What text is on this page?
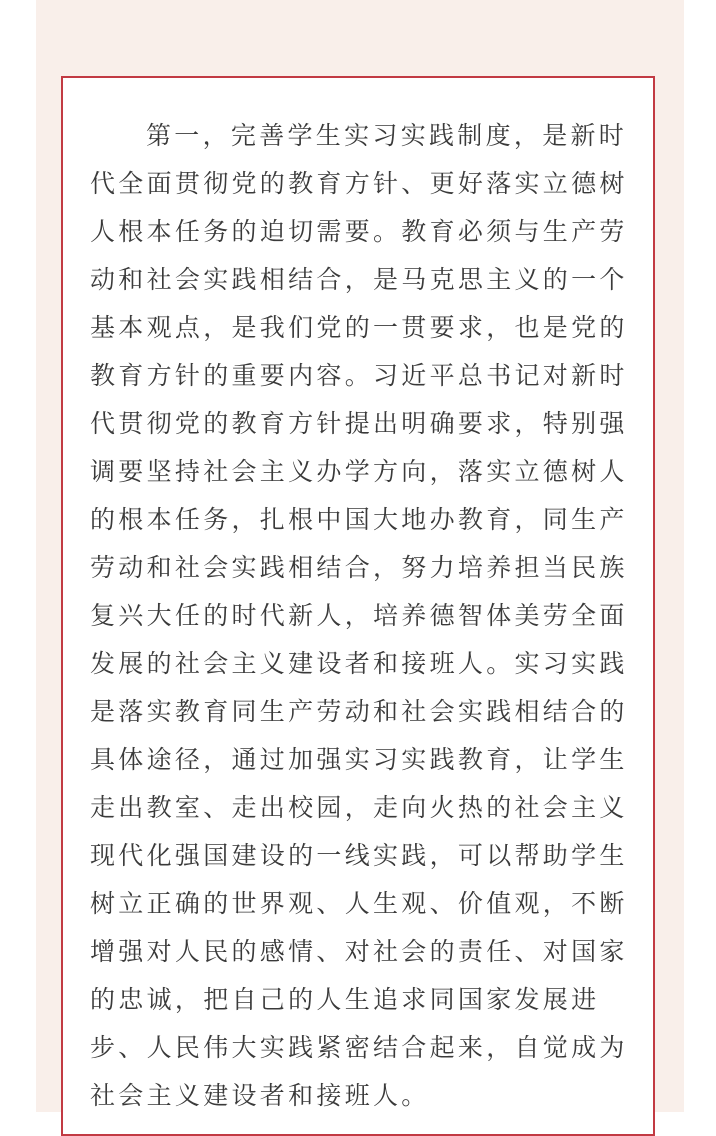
第一，完善学生实习实践制度，是新时
代全面贯彻党的教育方针、更好落实立德树
人根本任务的迫切需要。教育必须与生产劳
动和社会实践相结合，是马克思主义的一个
基本观点，是我们党的一贯要求，也是党的
教育方针的重要内容。习近平总书记对新时
代贯彻党的教育方针提出明确要求，特别强
调要坚持社会主义办学方向，落实立德树人
的根本任务，扎根中国大地办教育，同生产
劳动和社会实践相结合，努力培养担当民族
复兴大任的时代新人，培养德智体美劳全面
发展的社会主义建设者和接班人。实习实践
是落实教育同生产劳动和社会实践相结合的
具体途径，通过加强实习实践教育，让学生
走出教室、走出校园，走向火热的社会主义
现代化强国建设的一线实践，可以帮助学生
树立正确的世界观、人生观、价值观，不断
增强对人民的感情、对社会的责任、对国家
的忠诚，把自己的人生追求同国家发展进
步、人民伟大实践紧密结合起来，自觉成为
社会主义建设者和接班人。
